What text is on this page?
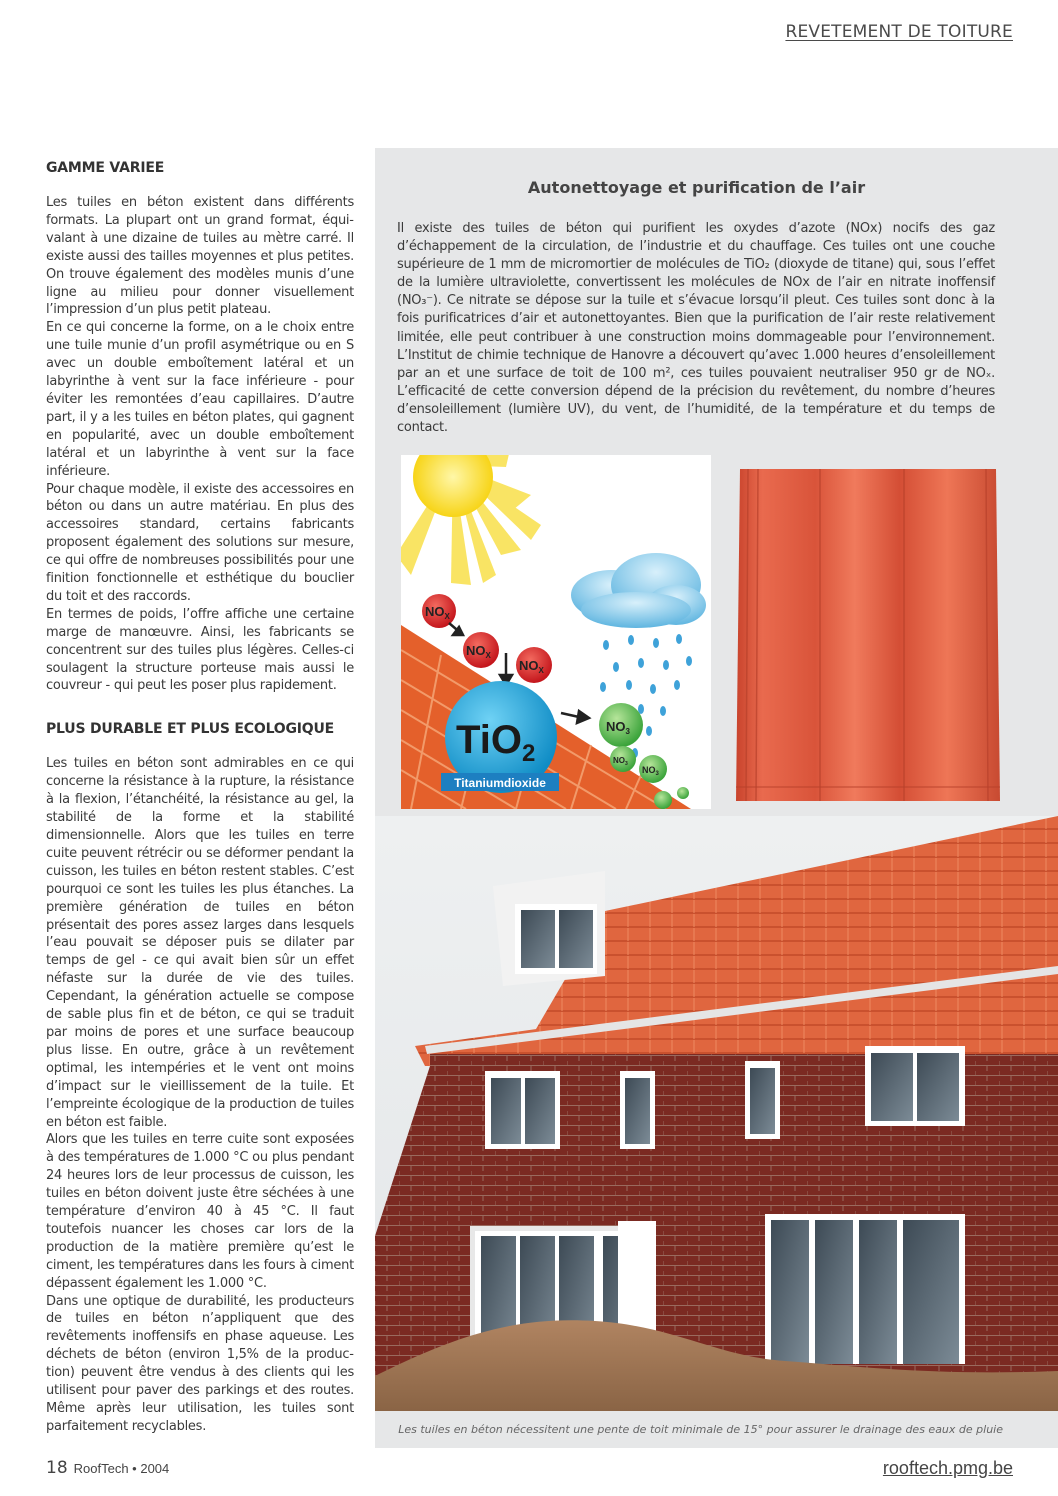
REVETEMENT DE TOITURE
GAMME VARIEE

Les tuiles en béton existent dans différents formats. La plupart ont un grand format, équivalant à une dizaine de tuiles au mètre carré. Il existe aussi des tailles moyennes et plus petites. On trouve également des modèles munis d’une ligne au milieu pour donner visuellement l’impression d’un plus petit plateau.

En ce qui concerne la forme, on a le choix entre une tuile munie d’un profil asymétrique ou en S avec un double emboîtement latéral et un labyrinthe à vent sur la face inférieure - pour éviter les remontées d’eau capillaires. D’autre part, il y a les tuiles en béton plates, qui gagnent en popularité, avec un double emboîtement latéral et un labyrinthe à vent sur la face inférieure.

Pour chaque modèle, il existe des accessoires en béton ou dans un autre matériau. En plus des accessoires standard, certains fabricants proposent également des solutions sur mesure, ce qui offre de nombreuses possibilités pour une finition fonctionnelle et esthétique du bouclier du toit et des raccords.

En termes de poids, l’offre affiche une certaine marge de manœuvre. Ainsi, les fabricants se concentrent sur des tuiles plus légères. Celles-ci soulagent la structure porteuse mais aussi le couvreur - qui peut les poser plus rapidement.

PLUS DURABLE ET PLUS ECOLOGIQUE

Les tuiles en béton sont admirables en ce qui concerne la résistance à la rupture, la résistance à la flexion, l’étanchéité, la résistance au gel, la stabilité de la forme et la stabilité dimensionnelle. Alors que les tuiles en terre cuite peuvent rétrécir ou se déformer pendant la cuisson, les tuiles en béton restent stables. C’est pourquoi ce sont les tuiles les plus étanches. La première génération de tuiles en béton présentait des pores assez larges dans lesquels l’eau pouvait se déposer puis se dilater par temps de gel - ce qui avait bien sûr un effet néfaste sur la durée de vie des tuiles. Cependant, la génération actuelle se compose de sable plus fin et de béton, ce qui se traduit par moins de pores et une surface beaucoup plus lisse. En outre, grâce à un revêtement optimal, les intempéries et le vent ont moins d’impact sur le vieillissement de la tuile. Et l’empreinte écologique de la production de tuiles en béton est faible.

Alors que les tuiles en terre cuite sont exposées à des températures de 1.000 °C ou plus pendant 24 heures lors de leur processus de cuisson, les tuiles en béton doivent juste être séchées à une température d’environ 40 à 45 °C. Il faut toutefois nuancer les choses car lors de la production de la matière première qu’est le ciment, les températures dans les fours à ciment dépassent également les 1.000 °C.

Dans une optique de durabilité, les producteurs de tuiles en béton n’appliquent que des revêtements inoffensifs en phase aqueuse. Les déchets de béton (environ 1,5% de la production) peuvent être vendus à des clients qui les utilisent pour paver des parkings et des routes. Même après leur utilisation, les tuiles sont parfaitement recyclables.

Autonettoyage et purification de l’air

Il existe des tuiles de béton qui purifient les oxydes d’azote (NOx) nocifs des gaz d’échappement de la circulation, de l’industrie et du chauffage. Ces tuiles ont une couche supérieure de 1 mm de micromortier de molécules de TiO₂ (dioxyde de titane) qui, sous l’effet de la lumière ultraviolette, convertissent les molécules de NOx de l’air en nitrate inoffensif (NO₃⁻). Ce nitrate se dépose sur la tuile et s’évacue lorsqu’il pleut. Ces tuiles sont donc à la fois purificatrices d’air et autonettoyantes. Bien que la purification de l’air reste relativement limitée, elle peut contribuer à une construction moins dommageable pour l’environnement. L’Institut de chimie technique de Hanovre a découvert qu’avec 1.000 heures d’ensoleillement par an et une surface de toit de 100 m², ces tuiles pouvaient neutraliser 950 gr de NOₓ. L’efficacité de cette conversion dépend de la précision du revêtement, du nombre d’heures d’ensoleillement (lumière UV), du vent, de l’humidité, de la température et du temps de contact.

$NO_X$
$NO_X$
$NO_X$
TiO$_2$
Titaniumdioxide
$NO_3$
$NO_3$
$NO_3$
Les tuiles en béton nécessitent une pente de toit minimale de 15° pour assurer le drainage des eaux de pluie
18 RoofTech • 2004	rooftech.pmg.be
